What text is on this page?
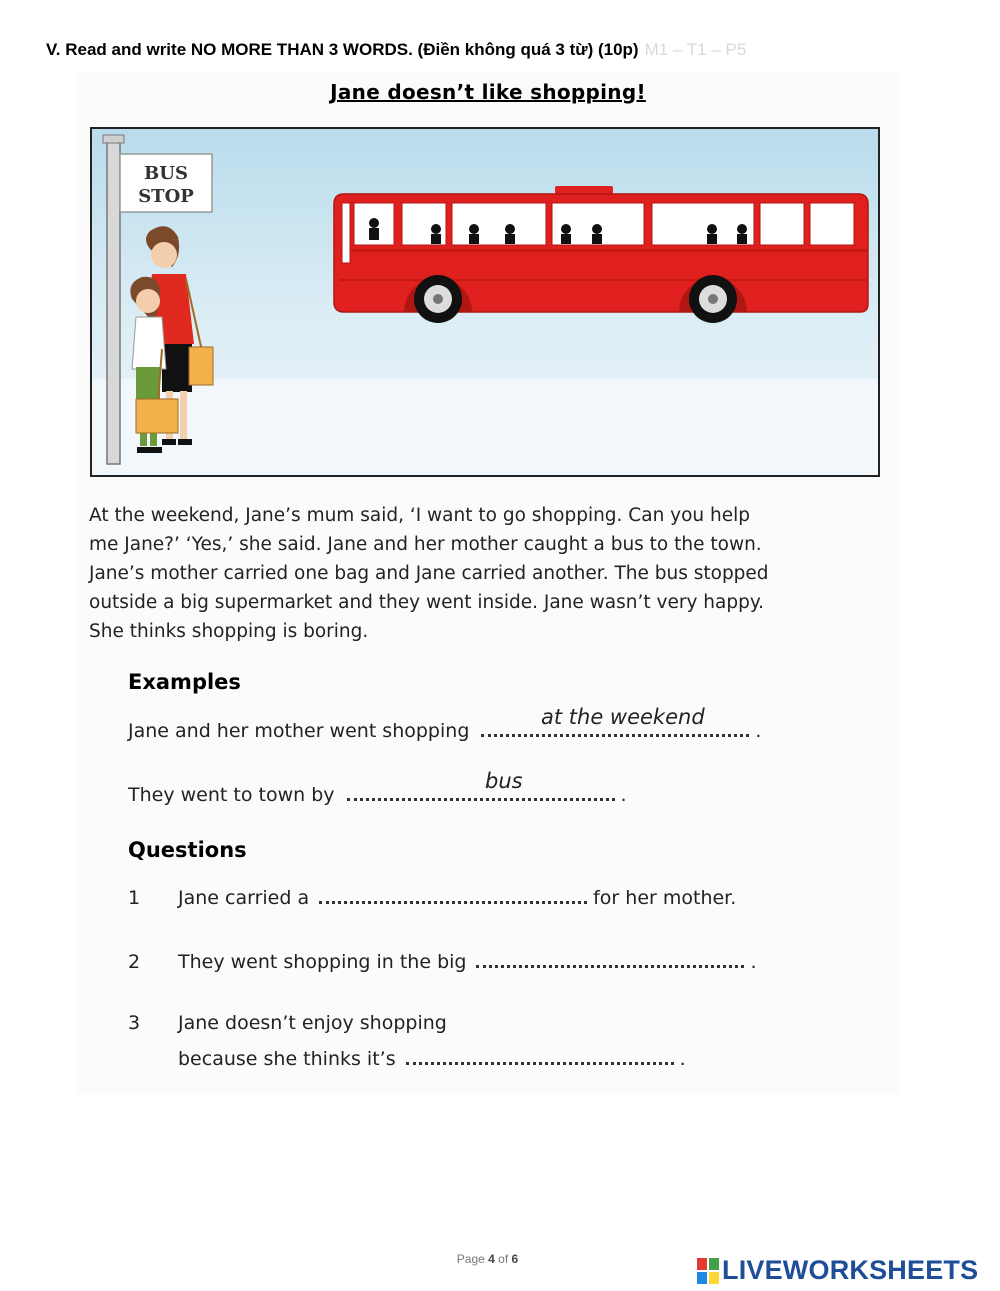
V. Read and write NO MORE THAN 3 WORDS. (Điền không quá 3 từ) (10p) M1 – T1 – P5
Jane doesn’t like shopping!
BUS
STOP

At the weekend, Jane’s mum said, ‘I want to go shopping. Can you help

me Jane?’ ‘Yes,’ she said. Jane and her mother caught a bus to the town.

Jane’s mother carried one bag and Jane carried another. The bus stopped

outside a big supermarket and they went inside. Jane wasn’t very happy.

She thinks shopping is boring.

Examples
Jane and her mother went shopping	.
at the weekend
They went to town by	.
bus
Questions
1 Jane carried a	for her mother.
2 They went shopping in the big	.
3 Jane doesn’t enjoy shopping
because she thinks it’s	.
Page 4 of 6	LIVEWORKSHEETS
